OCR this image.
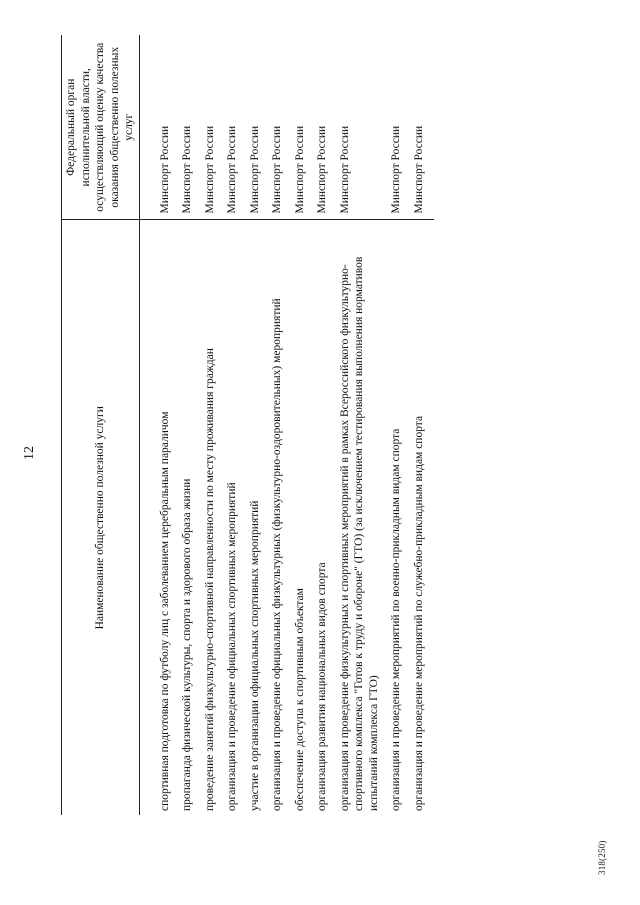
12	Наименование общественно полезной услуги	Федеральный орган исполнительной власти, осуществляющий оценку качества оказания общественно полезных услуг

спортивная подготовка по футболу лиц с заболеванием церебральным параличом	Минспорт России
пропаганда физической культуры, спорта и здорового образа жизни	Минспорт России
проведение занятий физкультурно-спортивной направленности по месту проживания граждан	Минспорт России
организация и проведение официальных спортивных мероприятий	Минспорт России
участие в организации официальных спортивных мероприятий	Минспорт России
организация и проведение официальных физкультурных (физкультурно-оздоровительных) мероприятий	Минспорт России
обеспечение доступа к спортивным объектам	Минспорт России
организация развития национальных видов спорта	Минспорт России
организация и проведение физкультурных и спортивных мероприятий в рамках Всероссийского физкультурно-спортивного комплекса "Готов к труду и обороне" (ГТО) (за исключением тестирования выполнения нормативов испытаний комплекса ГТО)	Минспорт России
организация и проведение мероприятий по военно-прикладным видам спорта	Минспорт России
организация и проведение мероприятий по служебно-прикладным видам спорта	Минспорт России
318(250)
